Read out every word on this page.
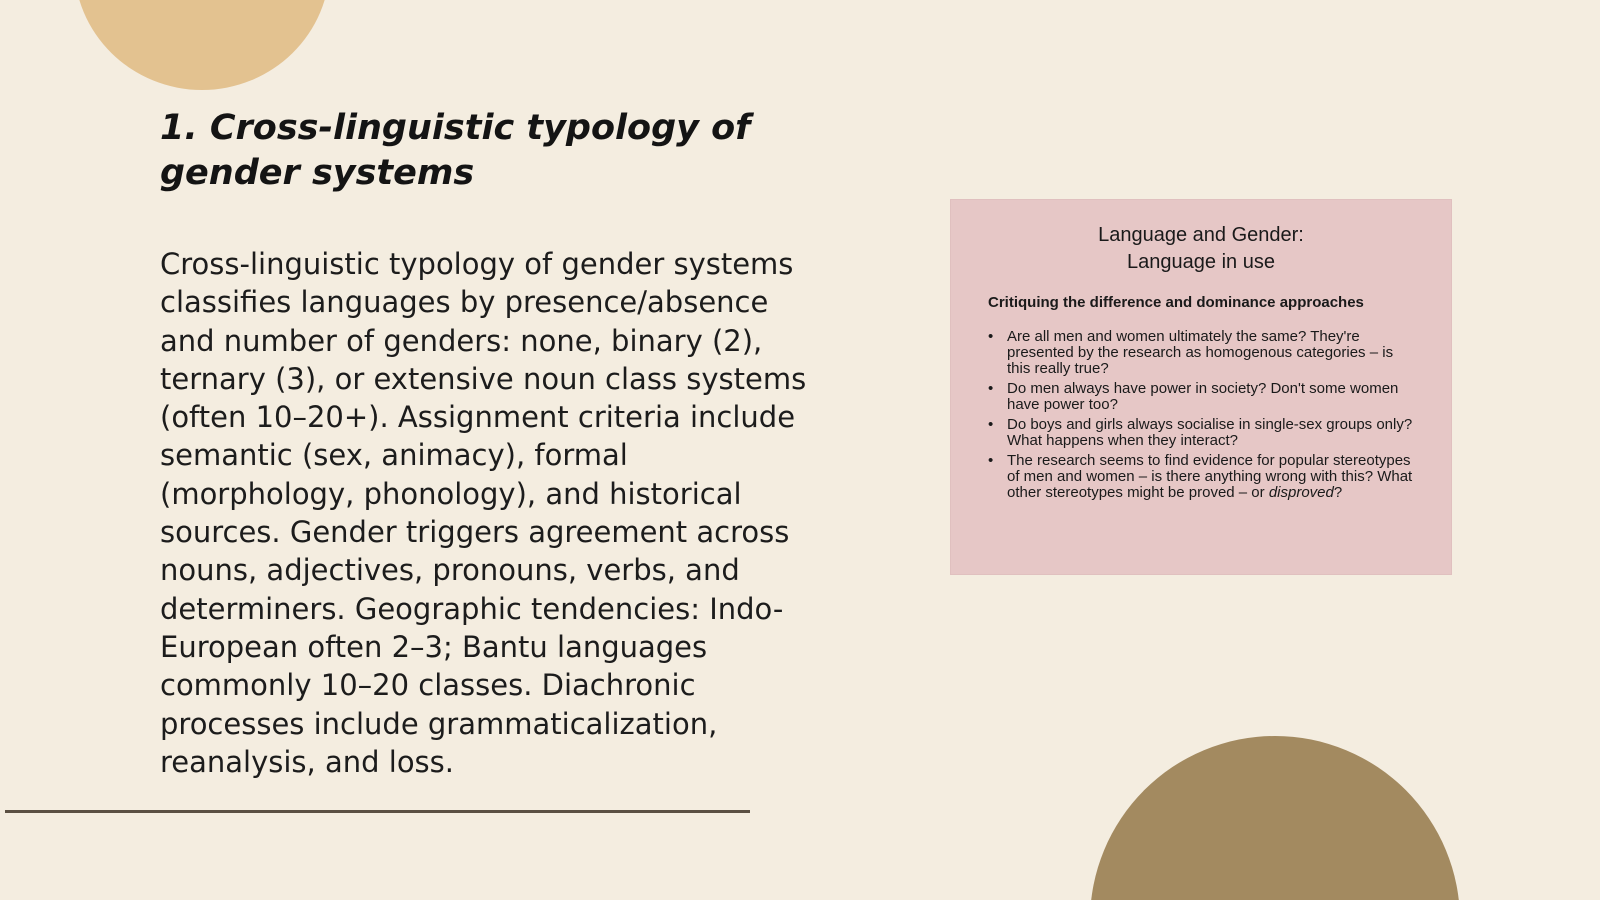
1. Cross-linguistic typology of gender systems

Cross-linguistic typology of gender systems classifies languages by presence/absence and number of genders: none, binary (2), ternary (3), or extensive noun class systems (often 10–20+). Assignment criteria include semantic (sex, animacy), formal (morphology, phonology), and historical sources. Gender triggers agreement across nouns, adjectives, pronouns, verbs, and determiners. Geographic tendencies: Indo-European often 2–3; Bantu languages commonly 10–20 classes. Diachronic processes include grammaticalization, reanalysis, and loss.

Language and Gender:
Language in use

Critiquing the difference and dominance approaches

• Are all men and women ultimately the same? They're presented by the research as homogenous categories – is this really true?
• Do men always have power in society? Don't some women have power too?
• Do boys and girls always socialise in single-sex groups only? What happens when they interact?
• The research seems to find evidence for popular stereotypes of men and women – is there anything wrong with this? What other stereotypes might be proved – or disproved?
